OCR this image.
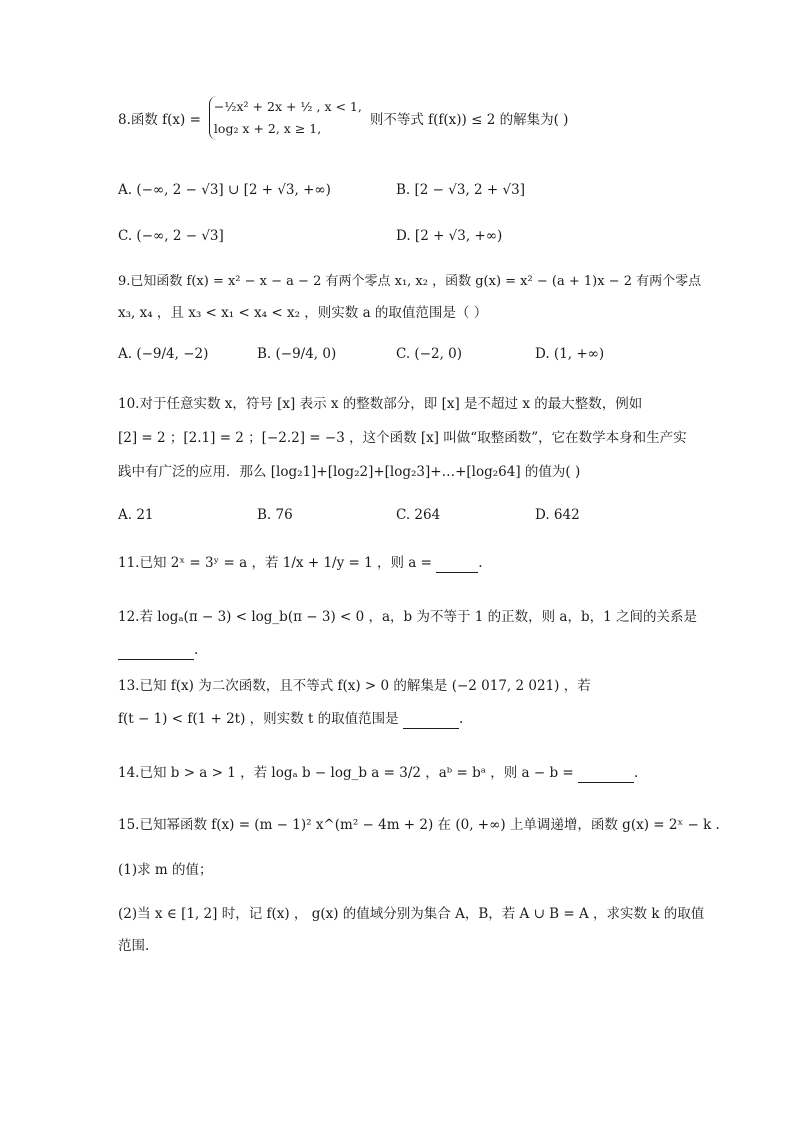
8.函数 f(x) =
−½x² + 2x + ½ , x < 1,
log₂ x + 2, x ≥ 1,
则不等式 f(f(x)) ≤ 2 的解集为( )
A. (−∞, 2 − √3] ∪ [2 + √3, +∞)	B. [2 − √3, 2 + √3]
C. (−∞, 2 − √3]	D. [2 + √3, +∞)
9.已知函数 f(x) = x² − x − a − 2 有两个零点 x₁, x₂ ，函数 g(x) = x² − (a + 1)x − 2 有两个零点
x₃, x₄ ，且 x₃ < x₁ < x₄ < x₂ ，则实数 a 的取值范围是（ ）
A. (−9/4, −2)	B. (−9/4, 0)	C. (−2, 0)	D. (1, +∞)
10.对于任意实数 x，符号 [x] 表示 x 的整数部分，即 [x] 是不超过 x 的最大整数，例如
[2] = 2 ；[2.1] = 2 ；[−2.2] = −3 ，这个函数 [x] 叫做“取整函数”，它在数学本身和生产实
践中有广泛的应用．那么 [log₂1]+[log₂2]+[log₂3]+…+[log₂64] 的值为( )
A. 21	B. 76	C. 264	D. 642
11.已知 2ˣ = 3ʸ = a ，若 1/x + 1/y = 1 ，则 a =	.
12.若 logₐ(π − 3) < log_b(π − 3) < 0 ，a，b 为不等于 1 的正数，则 a，b，1 之间的关系是
.
13.已知 f(x) 为二次函数，且不等式 f(x) > 0 的解集是 (−2 017, 2 021) ，若
f(t − 1) < f(1 + 2t) ，则实数 t 的取值范围是	.
14.已知 b > a > 1 ，若 logₐ b − log_b a = 3/2 ，aᵇ = bᵃ ，则 a − b =	.
15.已知幂函数 f(x) = (m − 1)² x^(m² − 4m + 2) 在 (0, +∞) 上单调递增，函数 g(x) = 2ˣ − k .
(1)求 m 的值；
(2)当 x ∈ [1, 2] 时，记 f(x) ， g(x) 的值域分别为集合 A，B，若 A ∪ B = A ，求实数 k 的取值
范围.
